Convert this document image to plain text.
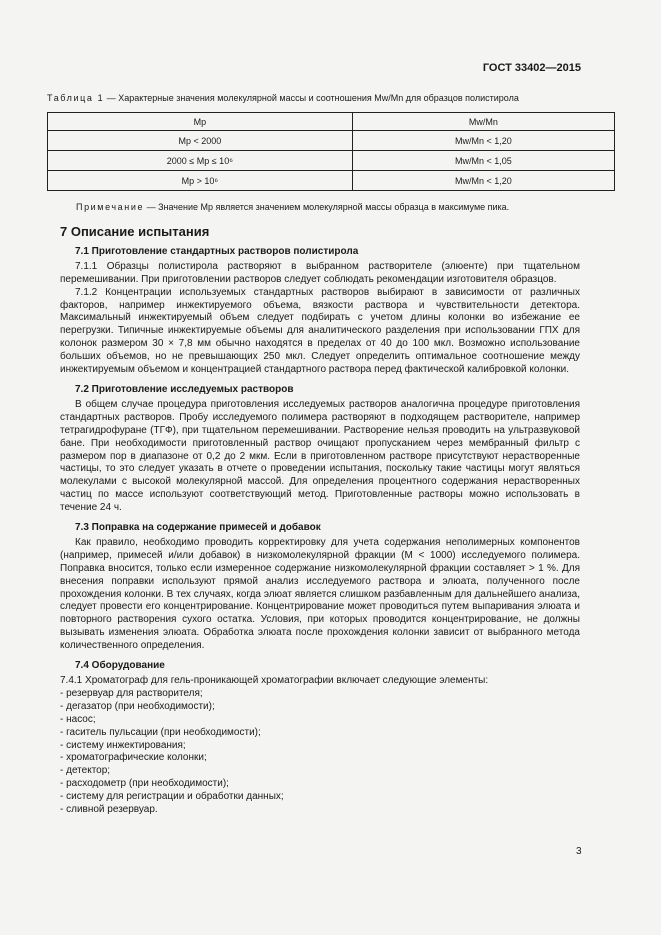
ГОСТ 33402—2015
Таблица 1 — Характерные значения молекулярной массы и соотношения Mw/Mn для образцов полистирола
Mp	Mw/Mn
Mp < 2000	Mw/Mn < 1,20
2000 ≤ Mp ≤ 10⁶	Mw/Mn < 1,05
Mp > 10⁶	Mw/Mn < 1,20
Примечание — Значение Mp является значением молекулярной массы образца в максимуме пика.
7 Описание испытания
7.1 Приготовление стандартных растворов полистирола

7.1.1 Образцы полистирола растворяют в выбранном растворителе (элюенте) при тщательном перемешивании. При приготовлении растворов следует соблюдать рекомендации изготовителя образцов.

7.1.2 Концентрации используемых стандартных растворов выбирают в зависимости от различных факторов, например инжектируемого объема, вязкости раствора и чувствительности детектора. Максимальный инжектируемый объем следует подбирать с учетом длины колонки во избежание ее перегрузки. Типичные инжектируемые объемы для аналитического разделения при использовании ГПХ для колонок размером 30 × 7,8 мм обычно находятся в пределах от 40 до 100 мкл. Возможно использование больших объемов, но не превышающих 250 мкл. Следует определить оптимальное соотношение между инжектируемым объемом и концентрацией стандартного раствора перед фактической калибровкой колонки.

7.2 Приготовление исследуемых растворов

В общем случае процедура приготовления исследуемых растворов аналогична процедуре приготовления стандартных растворов. Пробу исследуемого полимера растворяют в подходящем растворителе, например тетрагидрофуране (ТГФ), при тщательном перемешивании. Растворение нельзя проводить на ультразвуковой бане. При необходимости приготовленный раствор очищают пропусканием через мембранный фильтр с размером пор в диапазоне от 0,2 до 2 мкм. Если в приготовленном растворе присутствуют нерастворенные частицы, то это следует указать в отчете о проведении испытания, поскольку такие частицы могут являться молекулами с высокой молекулярной массой. Для определения процентного содержания нерастворенных частиц по массе используют соответствующий метод. Приготовленные растворы можно использовать в течение 24 ч.

7.3 Поправка на содержание примесей и добавок

Как правило, необходимо проводить корректировку для учета содержания неполимерных компонентов (например, примесей и/или добавок) в низкомолекулярной фракции (M < 1000) исследуемого полимера. Поправка вносится, только если измеренное содержание низкомолекулярной фракции составляет > 1 %. Для внесения поправки используют прямой анализ исследуемого раствора и элюата, полученного после прохождения колонки. В тех случаях, когда элюат является слишком разбавленным для дальнейшего анализа, следует провести его концентрирование. Концентрирование может проводиться путем выпаривания элюата и повторного растворения сухого остатка. Условия, при которых проводится концентрирование, не должны вызывать изменения элюата. Обработка элюата после прохождения колонки зависит от выбранного метода количественного определения.

7.4 Оборудование

7.4.1 Хроматограф для гель-проникающей хроматографии включает следующие элементы:

- резервуар для растворителя;
- дегазатор (при необходимости);
- насос;
- гаситель пульсации (при необходимости);
- систему инжектирования;
- хроматографические колонки;
- детектор;
- расходометр (при необходимости);
- систему для регистрации и обработки данных;
- сливной резервуар.
3
